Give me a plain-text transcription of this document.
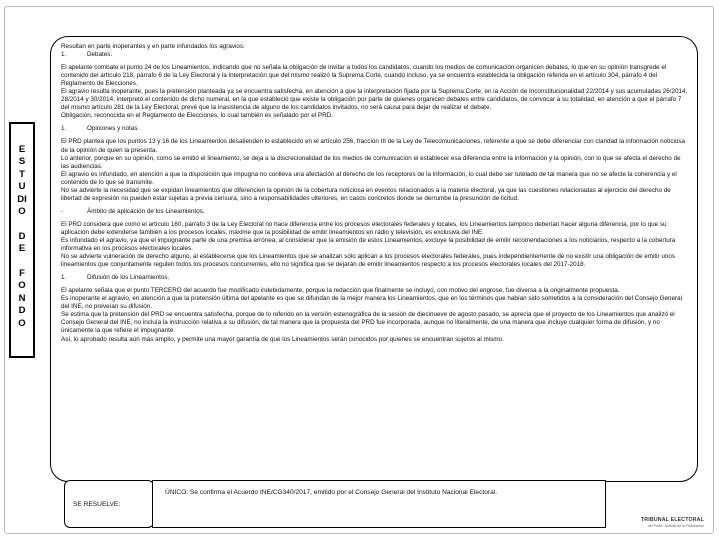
E
S
T
U
DI
O

D
E

F
O
N
D
O

Resultan en parte inoperantes y en parte infundados los agravios:

1.	Debates.

El apelante combate el punto 24 de los Lineamientos, indicando que no señala la obligación de invitar a todos los candidatos, cuando los medios de comunicación organicen debates, lo que en su opinión transgrede el contenido del artículo 218, párrafo 6 de la Ley Electoral y la interpretación que del mismo realizó la Suprema Corte, cuando incluso, ya se encuentra establecida la obligación referida en el artículo 304, párrafo 4 del Reglamento de Elecciones.

El agravio resulta inoperante, pues la pretensión planteada ya se encuentra satisfecha, en atención a que la interpretación fijada por la Suprema Corte, en la Acción de Inconstitucionalidad 22/2014 y sus acumuladas 26/2014, 28/2014 y 30/2014, interpretó el contenido de dicho numeral, en la que estableció que existe la obligación por parte de quienes organicen debates entre candidatos, de convocar a su totalidad, en atención a que el párrafo 7 del mismo artículo 281 de la Ley Electoral, prevé que la inasistencia de alguno de los candidatos invitados, no será causa para dejar de realizar el debate.

Obligación, reconocida en el Reglamento de Elecciones, lo cual también es señalado por el PRD.

1.	Opiniones y notas.

El PRD plantea que los puntos 13 y 16 de los Lineamientos desatienden lo establecido en el artículo 256, fracción III de la Ley de Telecomunicaciones, referente a que se debe diferenciar con claridad la información noticiosa de la opinión de quien la presenta.

Lo anterior, porque en su opinión, como se emitió el lineamiento, se deja a la discrecionalidad de los medios de comunicación el establecer esa diferencia entre la información y la opinión, con lo que se afecta el derecho de las audiencias.

El agravio es infundado, en atención a que la disposición que impugna no conlleva una afectación al derecho de los receptores de la información, lo cual debe ser tutelado de tal manera que no se afecte la coherencia y el contenido de lo que se transmite.

No se advierte la necesidad que se expidan lineamientos que diferencien la opinión de la cobertura noticiosa en eventos relacionados a la materia electoral, ya que las cuestiones relacionadas al ejercicio del derecho de libertad de expresión no pueden estar sujetas a previa censura, sino a responsabilidades ulteriores, en casos concretos donde se derrumbe la presunción de licitud.

-	Ámbito de aplicación de los Lineamientos.

El PRD considera que como el artículo 160, párrafo 3 de la Ley Electoral no hace diferencia entre los procesos electorales federales y locales, los Lineamientos tampoco deberían hacer alguna diferencia, por lo que su aplicación debe extenderse también a los procesos locales, máxime que la posibilidad de emitir lineamientos en radio y televisión, es exclusiva del INE.

Es infundado el agravio, ya que el impugnante parte de una premisa errónea, al considerar que la emisión de estos Lineamientos, excluye la posibilidad de emitir recomendaciones a los noticiarios, respecto a la cobertura informativa en los procesos electorales locales.

No se advierte vulneración de derecho alguno, al establecerse que los Lineamientos que se analizan sólo aplican a los procesos electorales federales, pues independientemente de no existir una obligación de emitir unos lineamientos que conjuntamente regulen todos los procesos concurrentes, ello no significa que se dejarán de emitir lineamientos respecto a los procesos electorales locales del 2017-2018.

1.	Difusión de los Lineamientos.

El apelante señala que el punto TERCERO del acuerdo fue modificado indebidamente, porque la redacción que finalmente se incluyó, con motivo del engrose, fue diversa a la originalmente propuesta.

Es inoperante el agravio, en atención a que la pretensión última del apelante es que se difundan de la mejor manera los Lineamientos, que en los términos que habían sido sometidos a la consideración del Consejo General del INE, no preveían su difusión.

Se estima que la pretensión del PRD se encuentra satisfecha, porque de lo referido en la versión estenográfica de la sesión de diecinueve de agosto pasado, se aprecia que el proyecto de los Lineamientos que analizó el Consejo General del INE, no incluía la instrucción relativa a su difusión, de tal manera que la propuesta del PRD fue incorporada, aunque no literalmente, de una manera que incluye cualquier forma de difusión, y no únicamente la que refiere el impugnante.

Así, lo aprobado resulta aún más amplio, y permite una mayor garantía de que los Lineamientos serán conocidos por quienes se encuentran sujetos al mismo.

SE RESUELVE:
ÚNICO. Se confirma el Acuerdo INE/CG340/2017, emitido por el Consejo General del Instituto Nacional Electoral.
TRIBUNAL ELECTORAL
del Poder Judicial de la Federación
